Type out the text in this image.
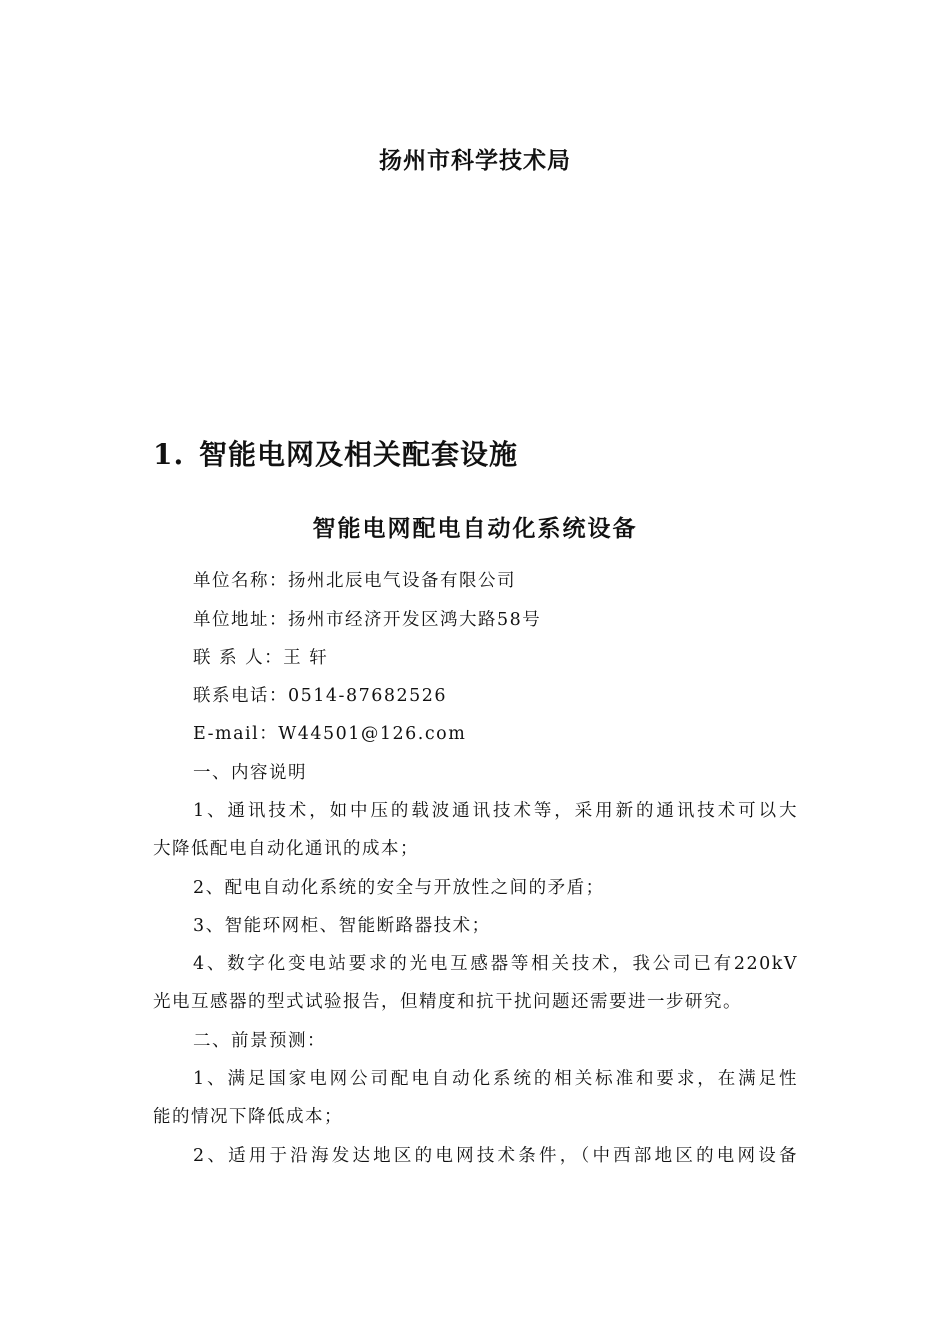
扬州市科学技术局
1. 智能电网及相关配套设施
智能电网配电自动化系统设备
单位名称：扬州北辰电气设备有限公司
单位地址：扬州市经济开发区鸿大路58号
联 系 人：王 轩
联系电话：0514-87682526
E-mail：W44501@126.com
一、内容说明
1、通讯技术，如中压的载波通讯技术等，采用新的通讯技术可以大
大降低配电自动化通讯的成本；
2、配电自动化系统的安全与开放性之间的矛盾；
3、智能环网柜、智能断路器技术；
4、数字化变电站要求的光电互感器等相关技术，我公司已有220kV
光电互感器的型式试验报告，但精度和抗干扰问题还需要进一步研究。
二、前景预测：
1、满足国家电网公司配电自动化系统的相关标准和要求，在满足性
能的情况下降低成本；
2、适用于沿海发达地区的电网技术条件，（中西部地区的电网设备
